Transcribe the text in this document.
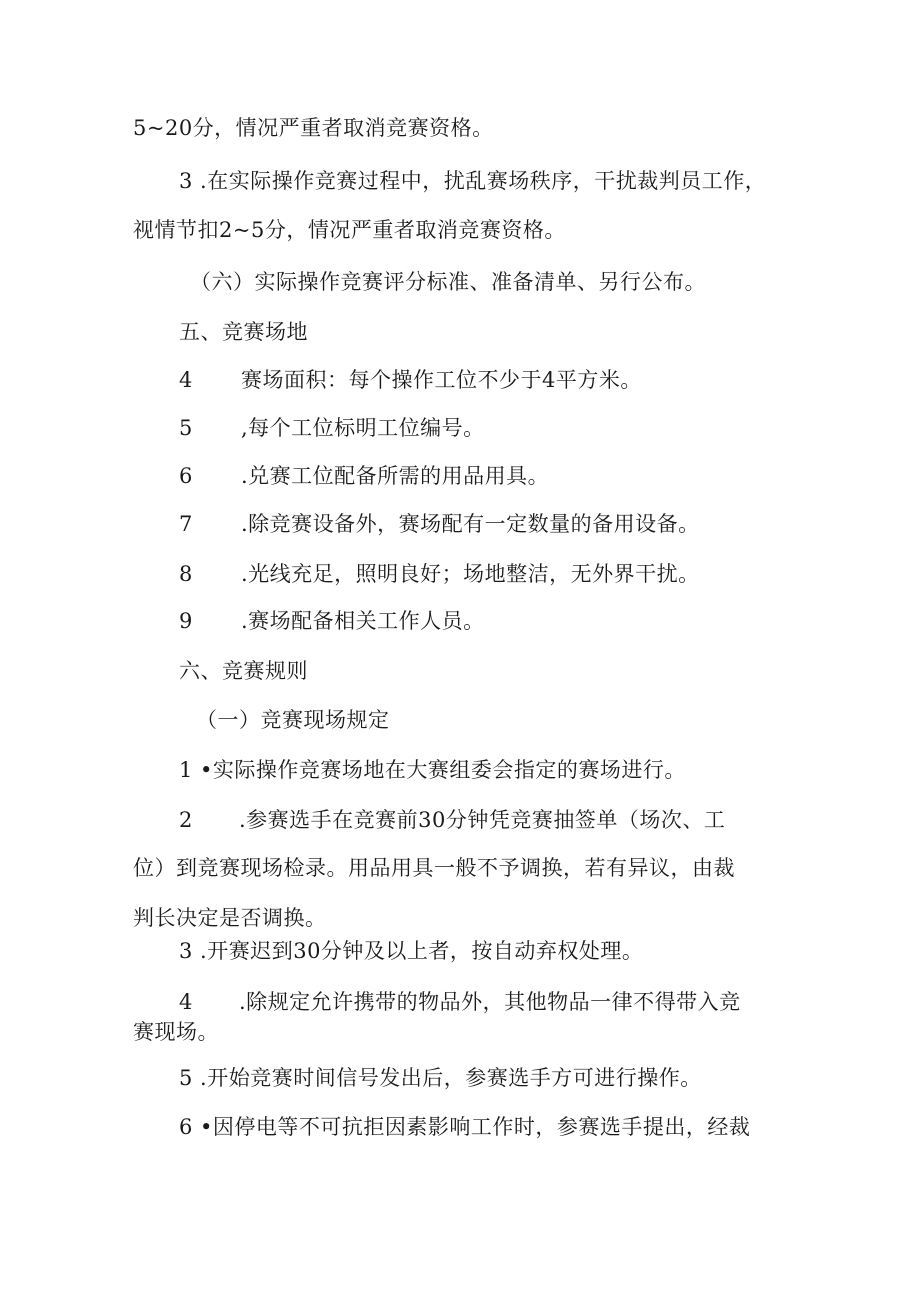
5~20分，情况严重者取消竞赛资格。
3 .在实际操作竞赛过程中，扰乱赛场秩序，干扰裁判员工作，
视情节扣2~5分，情况严重者取消竞赛资格。
（六）实际操作竞赛评分标准、准备清单、另行公布。
五、竞赛场地
4 赛场面积：每个操作工位不少于4平方米。
5 ,每个工位标明工位编号。
6 .兑赛工位配备所需的用品用具。
7 .除竞赛设备外，赛场配有一定数量的备用设备。
8 .光线充足，照明良好；场地整洁，无外界干扰。
9 .赛场配备相关工作人员。
六、竞赛规则
（一）竞赛现场规定
1 •实际操作竞赛场地在大赛组委会指定的赛场进行。
2 .参赛选手在竞赛前30分钟凭竞赛抽签单（场次、工
位）到竞赛现场检录。用品用具一般不予调换，若有异议，由裁
判长决定是否调换。
3 .开赛迟到30分钟及以上者，按自动弃权处理。
4 .除规定允许携带的物品外，其他物品一律不得带入竞
赛现场。
5 .开始竞赛时间信号发出后，参赛选手方可进行操作。
6 •因停电等不可抗拒因素影响工作时，参赛选手提出，经裁
